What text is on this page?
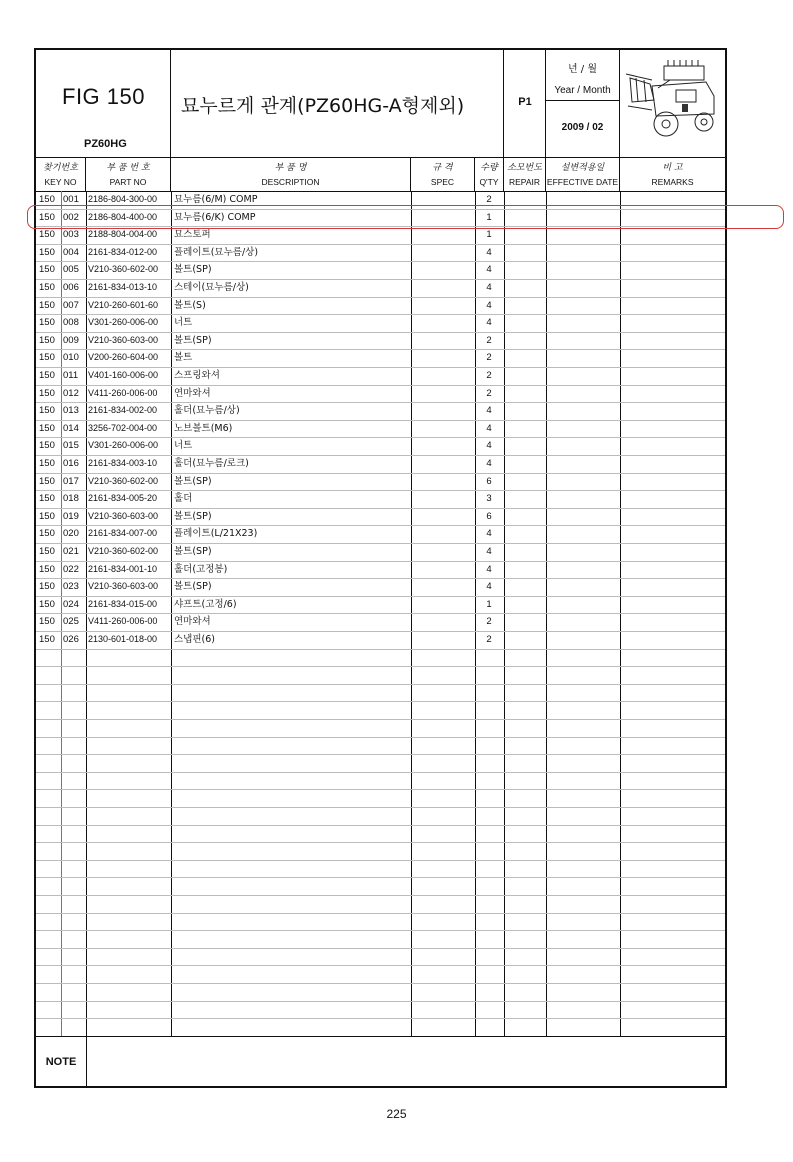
FIG 150
PZ60HG
묘누르게 관계(PZ60HG-A형제외)	P1
년 / 월
Year / Month
2009 / 02
찾기번호
KEY NO
부 품 번 호
PART NO
부 품 명
DESCRIPTION
규 격
SPEC
수량
Q'TY
소모번도
REPAIR
설변적용일
EFFECTIVE DATE
비 고
REMARKS
150 001	2186-804-300-00	묘누름(6/M) COMP	2
150 002	2186-804-400-00	묘누름(6/K) COMP	1
150 003	2188-804-004-00	묘스토퍼	1
150 004	2161-834-012-00	플레이트(묘누름/상)	4
150 005	V210-360-602-00	볼트(SP)	4
150 006	2161-834-013-10	스테이(묘누름/상)	4
150 007	V210-260-601-60	볼트(S)	4
150 008	V301-260-006-00	너트	4
150 009	V210-360-603-00	볼트(SP)	2
150 010	V200-260-604-00	볼트	2
150 011	V401-160-006-00	스프링와셔	2
150 012	V411-260-006-00	연마와셔	2
150 013	2161-834-002-00	홀더(묘누름/상)	4
150 014	3256-702-004-00	노브볼트(M6)	4
150 015	V301-260-006-00	너트	4
150 016	2161-834-003-10	홀더(묘누름/로크)	4
150 017	V210-360-602-00	볼트(SP)	6
150 018	2161-834-005-20	홀더	3
150 019	V210-360-603-00	볼트(SP)	6
150 020	2161-834-007-00	플레이트(L/21X23)	4
150 021	V210-360-602-00	볼트(SP)	4
150 022	2161-834-001-10	홀더(고정봉)	4
150 023	V210-360-603-00	볼트(SP)	4
150 024	2161-834-015-00	샤프트(고정/6)	1
150 025	V411-260-006-00	연마와셔	2
150 026	2130-601-018-00	스냅핀(6)	2
NOTE
225
